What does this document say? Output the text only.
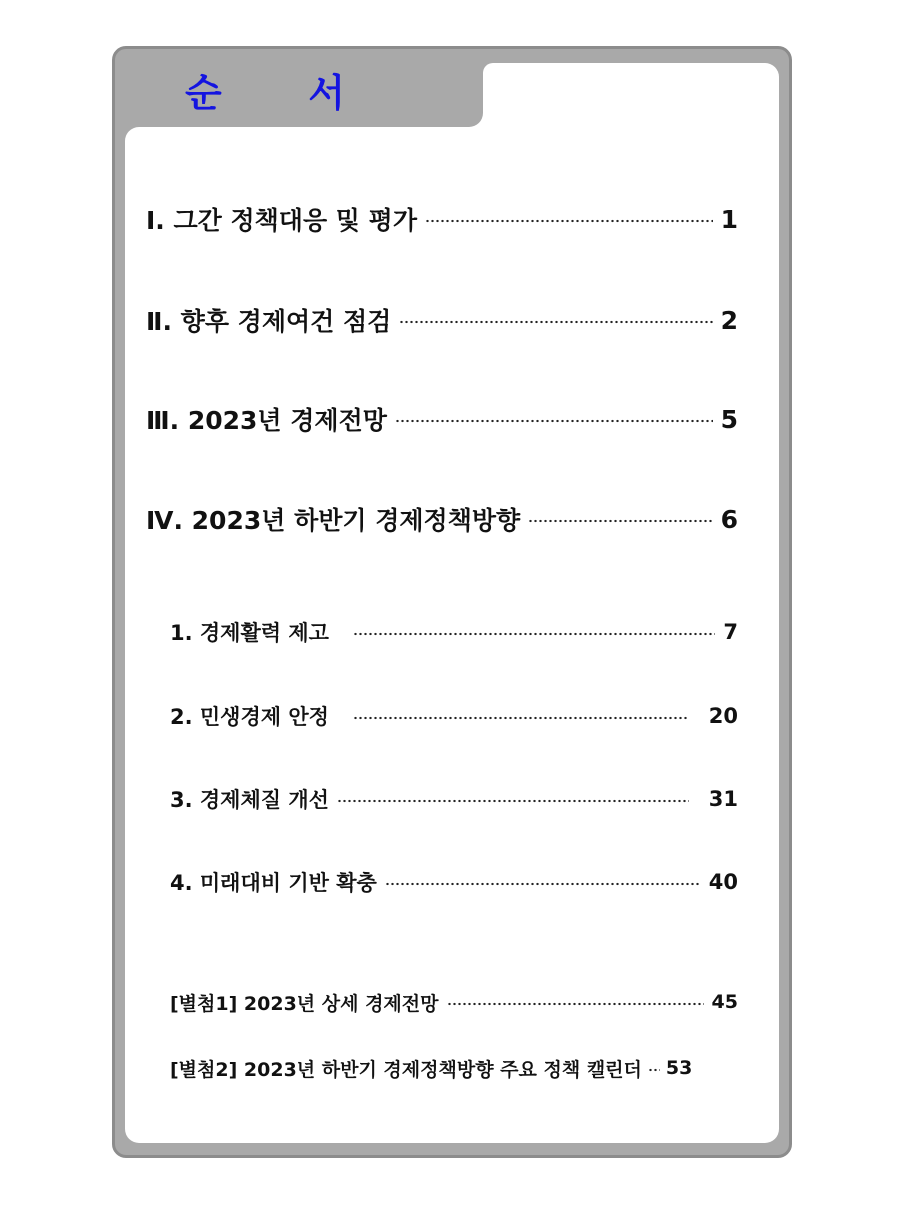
순 서
Ⅰ. 그간 정책대응 및 평가	1
Ⅱ. 향후 경제여건 점검	2
Ⅲ. 2023년 경제전망	5
Ⅳ. 2023년 하반기 경제정책방향	6
1. 경제활력 제고	7
2. 민생경제 안정	20
3. 경제체질 개선	31
4. 미래대비 기반 확충	40
[별첨1] 2023년 상세 경제전망	45
[별첨2] 2023년 하반기 경제정책방향 주요 정책 캘린더 53
